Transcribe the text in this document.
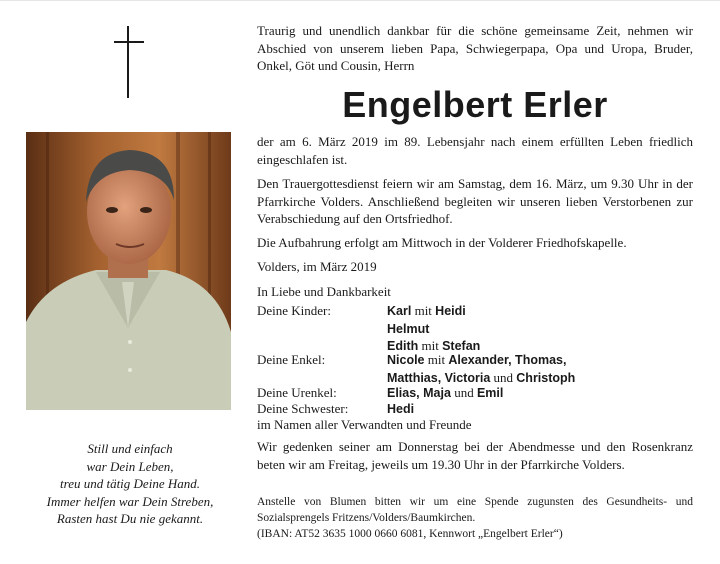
Still und einfach
war Dein Leben,
treu und tätig Deine Hand.
Immer helfen war Dein Streben,
Rasten hast Du nie gekannt.
Traurig und unendlich dankbar für die schöne gemeinsame Zeit, nehmen wir Abschied von unserem lieben Papa, Schwiegerpapa, Opa und Uropa, Bruder, Onkel, Göt und Cousin, Herrn
Engelbert Erler
der am 6. März 2019 im 89. Lebensjahr nach einem erfüllten Leben friedlich eingeschlafen ist.
Den Trauergottesdienst feiern wir am Samstag, dem 16. März, um 9.30 Uhr in der Pfarrkirche Volders. Anschließend begleiten wir unseren lieben Verstorbenen zur Verabschiedung auf den Ortsfriedhof.
Die Aufbahrung erfolgt am Mittwoch in der Volderer Friedhofskapelle.
Volders, im März 2019
In Liebe und Dankbarkeit
Deine Kinder:	Karl mit Heidi
Helmut
Edith mit Stefan
Deine Enkel:	Nicole mit Alexander, Thomas,
Matthias, Victoria und Christoph
Deine Urenkel:	Elias, Maja und Emil
Deine Schwester:	Hedi
im Namen aller Verwandten und Freunde
Wir gedenken seiner am Donnerstag bei der Abendmesse und den Rosenkranz beten wir am Freitag, jeweils um 19.30 Uhr in der Pfarrkirche Volders.
Anstelle von Blumen bitten wir um eine Spende zugunsten des Gesundheits- und Sozialsprengels Fritzens/Volders/Baumkirchen.
(IBAN: AT52 3635 1000 0660 6081, Kennwort „Engelbert Erler“)
